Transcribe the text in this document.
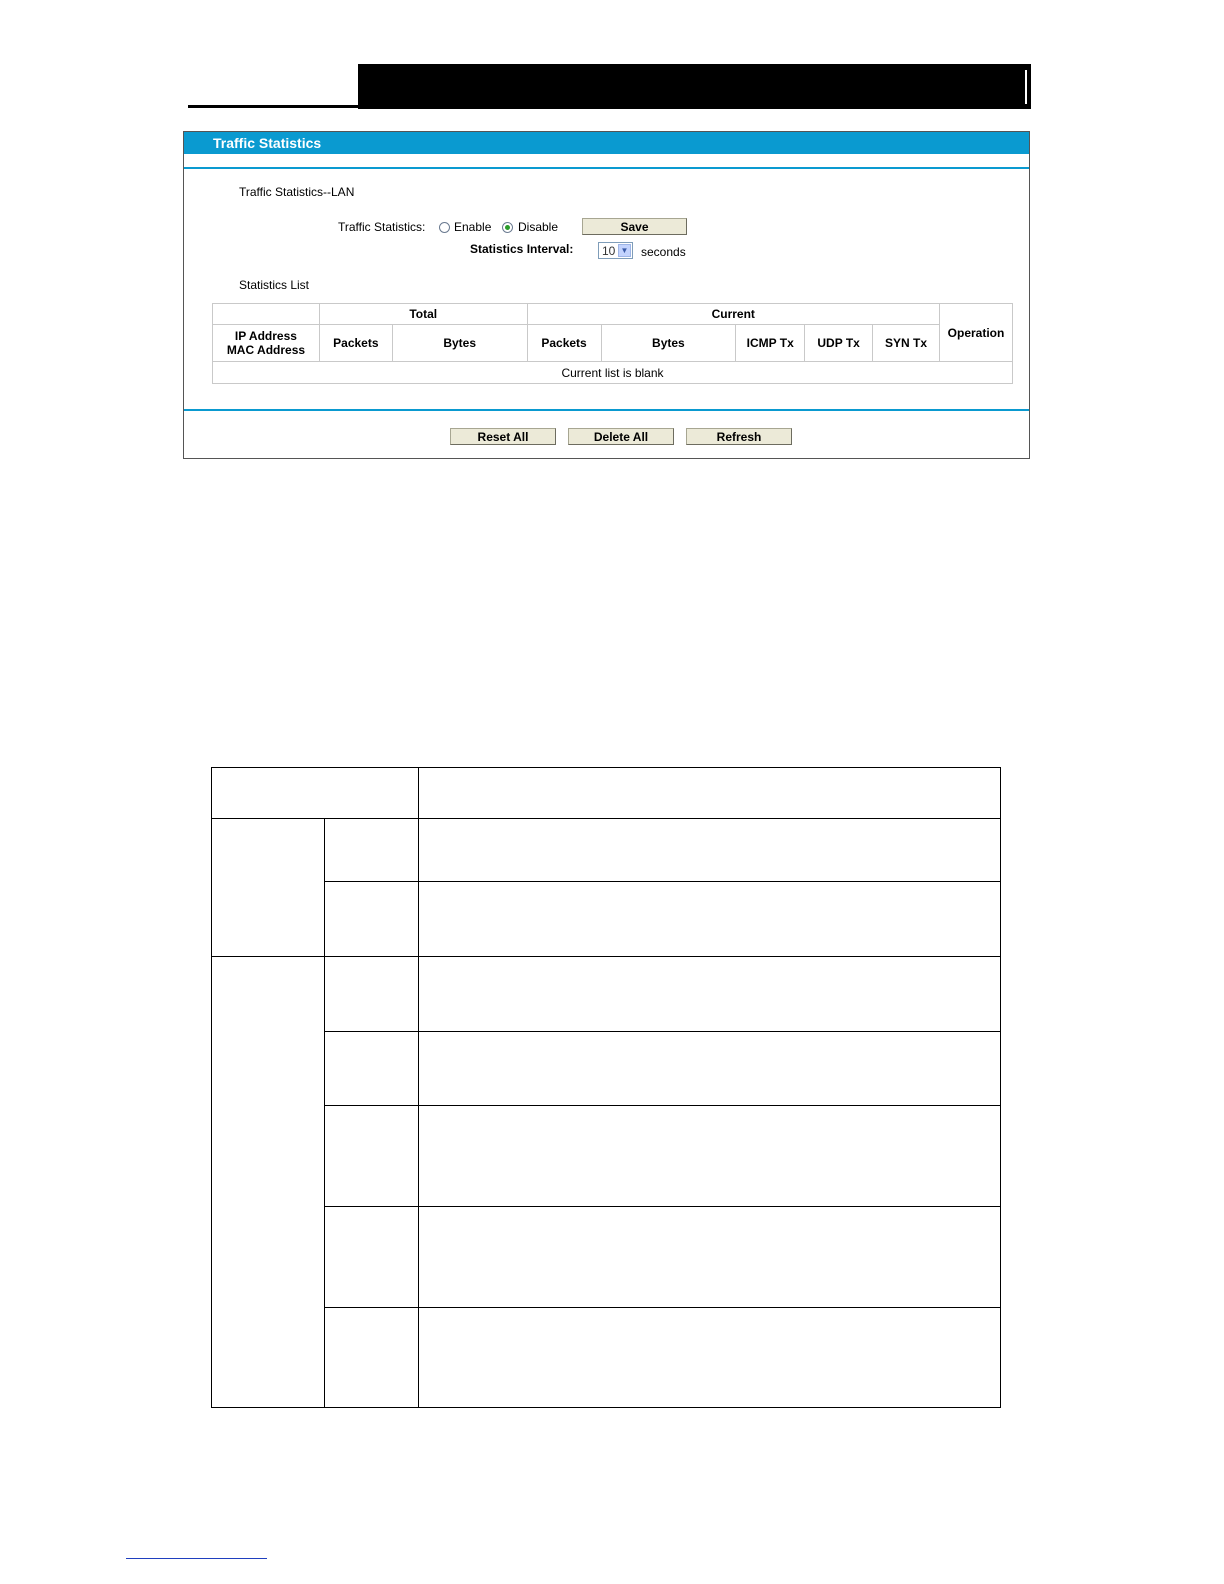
Traffic Statistics
Traffic Statistics--LAN
Traffic Statistics: Enable Disable	Save
Statistics Interval: 10 ▼ seconds
Statistics List
	Total		Current					Operation

IP Address
MAC Address	Packets	Bytes	Packets	Bytes	ICMP Tx	UDP Tx	SYN Tx	
Current list is blank								
Reset All	Delete All	Refresh
